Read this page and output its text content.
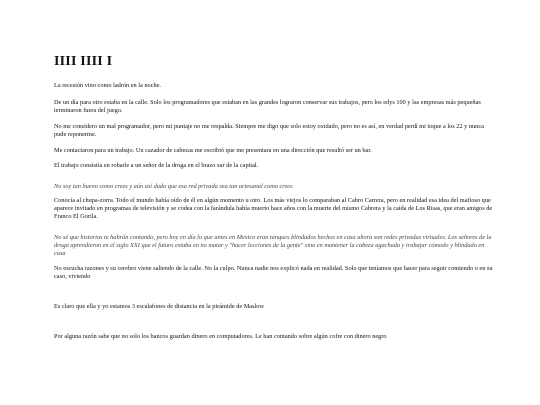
IIII IIII I

La recesión vino como ladrón en la noche.

De un día para otro estaba en la calle. Solo los programadores que estaban en las grandes lograron conservar sus trabajos, pero los edys 100 y las empresas más pequeñas terminaron fuera del juego.

No me considero un mal programador, pero mi puntaje no me respalda. Siempre me digo que solo estoy oxidado, pero no es así, en verdad perdí mi toque a los 22 y nunca pude reponerme.

Me contactaron para un trabajo. Un cazador de cabezas me escribió que me presentara en una dirección que resultó ser un bar.

El trabajo consistía en robarle a un señor de la droga en el brazo sur de la capital.

No soy tan bueno como crees y aún así dudo que esa red privada sea tan artesanal como crees

Conocía al chupa-zorra. Todo el mundo había oído de él en algún momento u otro. Los más viejos lo comparaban al Cabro Carrera, pero en realidad esa idea del mafioso que aparece invitado en programas de televisión y se codea con la farándula había muerto hace años con la muerte del mismo Cabrera y la caída de Los Risas, que eran amigos de Franco El Gorila.

No sé que historias te habrán contando, pero hoy en día lo que antes en Mexico eran tanques blindados hechos en casa ahora son redes privadas virtuales. Los señores de la droga aprendieron en el siglo XXI que el futuro estaba en no matar y "hacer lecciones de la gente" sino en mantener la cabeza agachada y trabajar cómodo y blindado en casa

No escucha razones y su cerebro viene saliendo de la calle. No la culpo. Nunca nadie nos explicó nada en realidad. Solo que teníamos que hacer para seguir comiendo o en su caso, viviendo

Es claro que ella y yo estamos 3 escalafones de distancia en la pirámide de Maslow

Por alguna razón sabe que no solo los bancos guardan dinero en computadores. Le han contando sobre algún cofre con dinero negro
